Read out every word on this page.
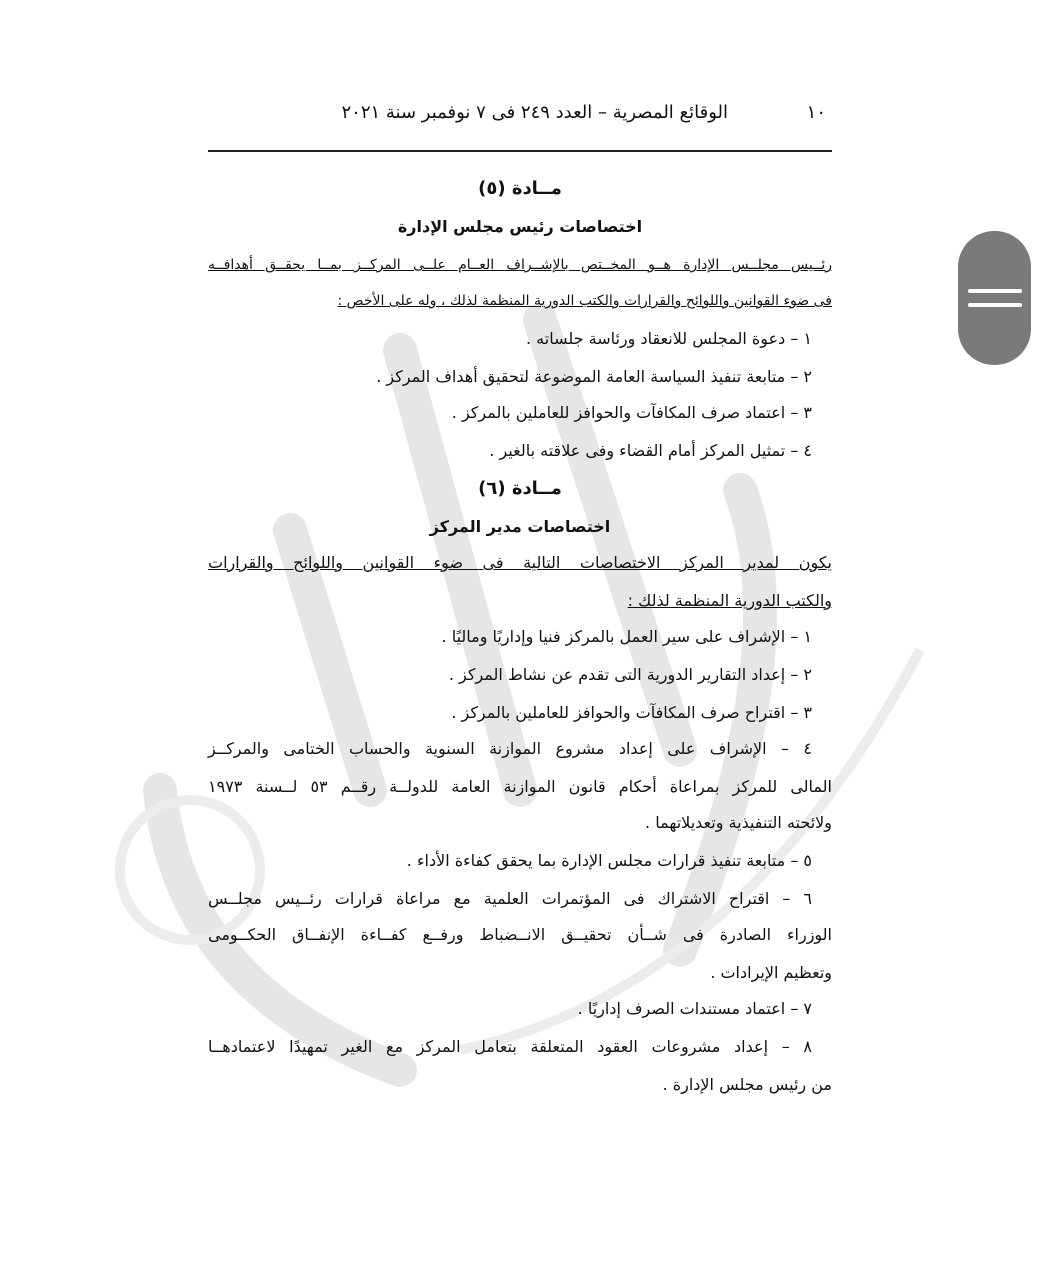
١٠
الوقائع المصرية – العدد ٢٤٩ فى ٧ نوفمبر سنة ٢٠٢١
مــادة (٥)
اختصاصات رئيس مجلس الإدارة
رئــيس مجلــس الإدارة هــو المخــتص بالإشــراف العــام علــى المركــز بمــا يحقــق أهدافــه
فى ضوء القوانين واللوائح والقرارات والكتب الدورية المنظمة لذلك ، وله على الأخص :
١ – دعوة المجلس للانعقاد ورئاسة جلساته .
٢ – متابعة تنفيذ السياسة العامة الموضوعة لتحقيق أهداف المركز .
٣ – اعتماد صرف المكافآت والحوافز للعاملين بالمركز .
٤ – تمثيل المركز أمام القضاء وفى علاقته بالغير .
مــادة (٦)
اختصاصات مدير المركز
يكون لمدير المركز الاختصاصات التالية فى ضوء القوانين واللوائح والقرارات
والكتب الدورية المنظمة لذلك :
١ – الإشراف على سير العمل بالمركز فنيا وإداريًا وماليًا .
٢ – إعداد التقارير الدورية التى تقدم عن نشاط المركز .
٣ – اقتراح صرف المكافآت والحوافز للعاملين بالمركز .
٤ – الإشراف على إعداد مشروع الموازنة السنوية والحساب الختامى والمركــز
المالى للمركز بمراعاة أحكام قانون الموازنة العامة للدولــة رقــم ٥٣ لــسنة ١٩٧٣
ولائحته التنفيذية وتعديلاتهما .
٥ – متابعة تنفيذ قرارات مجلس الإدارة بما يحقق كفاءة الأداء .
٦ – اقتراح الاشتراك فى المؤتمرات العلمية مع مراعاة قرارات رئــيس مجلــس
الوزراء الصادرة فى شــأن تحقيــق الانــضباط ورفــع كفــاءة الإنفــاق الحكــومى
وتعظيم الإيرادات .
٧ – اعتماد مستندات الصرف إداريًا .
٨ – إعداد مشروعات العقود المتعلقة بتعامل المركز مع الغير تمهيدًا لاعتمادهــا
من رئيس مجلس الإدارة .
